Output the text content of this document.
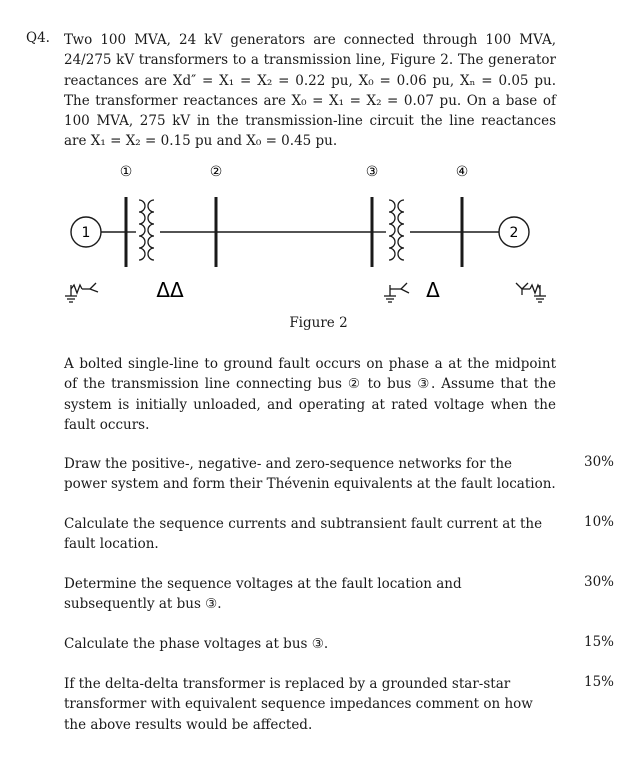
Q4. Two 100 MVA, 24 kV generators are connected through 100 MVA, 24/275 kV transformers to a transmission line, Figure 2. The generator reactances are Xd″ = X₁ = X₂ = 0.22 pu, X₀ = 0.06 pu, Xₙ = 0.05 pu. The transformer reactances are X₀ = X₁ = X₂ = 0.07 pu. On a base of 100 MVA, 275 kV in the transmission-line circuit the line reactances are X₁ = X₂ = 0.15 pu and X₀ = 0.45 pu.
①	②	③	④
1	2
ΔΔ	Δ
Figure 2
A bolted single-line to ground fault occurs on phase a at the midpoint of the transmission line connecting bus ② to bus ③. Assume that the system is initially unloaded, and operating at rated voltage when the fault occurs.
Draw the positive-, negative- and zero-sequence networks for the power system and form their Thévenin equivalents at the fault location.
30%
Calculate the sequence currents and subtransient fault current at the fault location.
10%
Determine the sequence voltages at the fault location and subsequently at bus ③.
30%
Calculate the phase voltages at bus ③.	15%
If the delta-delta transformer is replaced by a grounded star-star transformer with equivalent sequence impedances comment on how the above results would be affected.
15%
